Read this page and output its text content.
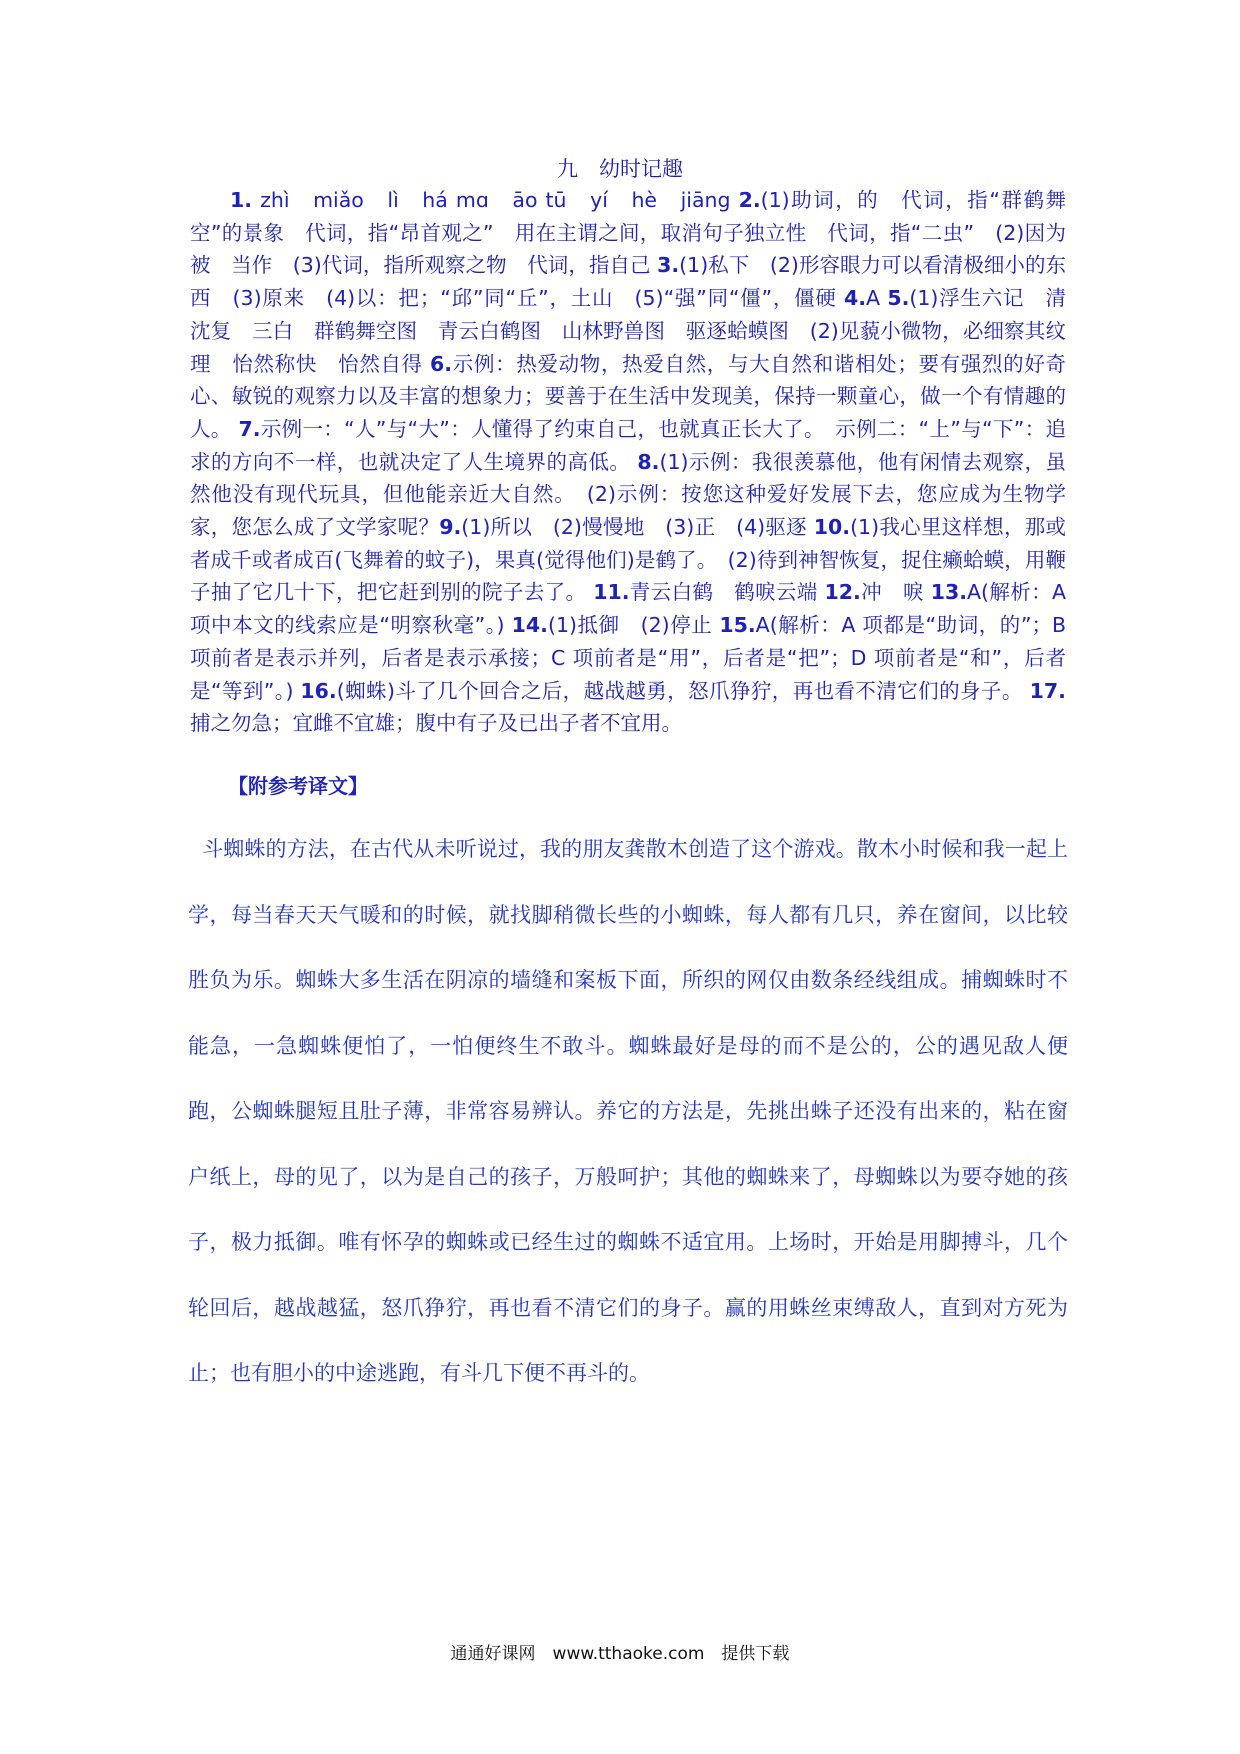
九　幼时记趣

1. zhì　miǎo　lì　há mɑ　āo tū　yí　hè　jiāng 2.(1)助词，的　代词，指“群鹤舞空”的景象　代词，指“昂首观之”　用在主谓之间，取消句子独立性　代词，指“二虫”　(2)因为　被　当作　(3)代词，指所观察之物　代词，指自己 3.(1)私下　(2)形容眼力可以看清极细小的东西　(3)原来　(4)以：把；“邱”同“丘”，土山　(5)“强”同“僵”，僵硬 4.A 5.(1)浮生六记　清　沈复　三白　群鹤舞空图　青云白鹤图　山林野兽图　驱逐蛤蟆图　(2)见藐小微物，必细察其纹理　怡然称快　怡然自得 6.示例：热爱动物，热爱自然，与大自然和谐相处；要有强烈的好奇心、敏锐的观察力以及丰富的想象力；要善于在生活中发现美，保持一颗童心，做一个有情趣的人。 7.示例一：“人”与“大”：人懂得了约束自己，也就真正长大了。　示例二：“上”与“下”：追求的方向不一样，也就决定了人生境界的高低。 8.(1)示例：我很羡慕他，他有闲情去观察，虽然他没有现代玩具，但他能亲近大自然。　(2)示例：按您这种爱好发展下去，您应成为生物学家，您怎么成了文学家呢？9.(1)所以　(2)慢慢地　(3)正　(4)驱逐 10.(1)我心里这样想，那或者成千或者成百(飞舞着的蚊子)，果真(觉得他们)是鹤了。　(2)待到神智恢复，捉住癞蛤蟆，用鞭子抽了它几十下，把它赶到别的院子去了。 11.青云白鹤　鹤唳云端 12.冲　唳 13.A(解析：A 项中本文的线索应是“明察秋毫”。) 14.(1)抵御　(2)停止 15.A(解析：A 项都是“助词，的”；B 项前者是表示并列，后者是表示承接；C 项前者是“用”，后者是“把”；D 项前者是“和”，后者是“等到”。) 16.(蜘蛛)斗了几个回合之后，越战越勇，怒爪狰狞，再也看不清它们的身子。 17.捕之勿急；宜雌不宜雄；腹中有子及已出子者不宜用。

【附参考译文】

斗蜘蛛的方法，在古代从未听说过，我的朋友龚散木创造了这个游戏。散木小时候和我一起上学，每当春天天气暖和的时候，就找脚稍微长些的小蜘蛛，每人都有几只，养在窗间，以比较胜负为乐。蜘蛛大多生活在阴凉的墙缝和案板下面，所织的网仅由数条经线组成。捕蜘蛛时不能急，一急蜘蛛便怕了，一怕便终生不敢斗。蜘蛛最好是母的而不是公的，公的遇见敌人便跑，公蜘蛛腿短且肚子薄，非常容易辨认。养它的方法是，先挑出蛛子还没有出来的，粘在窗户纸上，母的见了，以为是自己的孩子，万般呵护；其他的蜘蛛来了，母蜘蛛以为要夺她的孩子，极力抵御。唯有怀孕的蜘蛛或已经生过的蜘蛛不适宜用。上场时，开始是用脚搏斗，几个轮回后，越战越猛，怒爪狰狞，再也看不清它们的身子。赢的用蛛丝束缚敌人，直到对方死为止；也有胆小的中途逃跑，有斗几下便不再斗的。

通通好课网　www.tthaoke.com　提供下载
